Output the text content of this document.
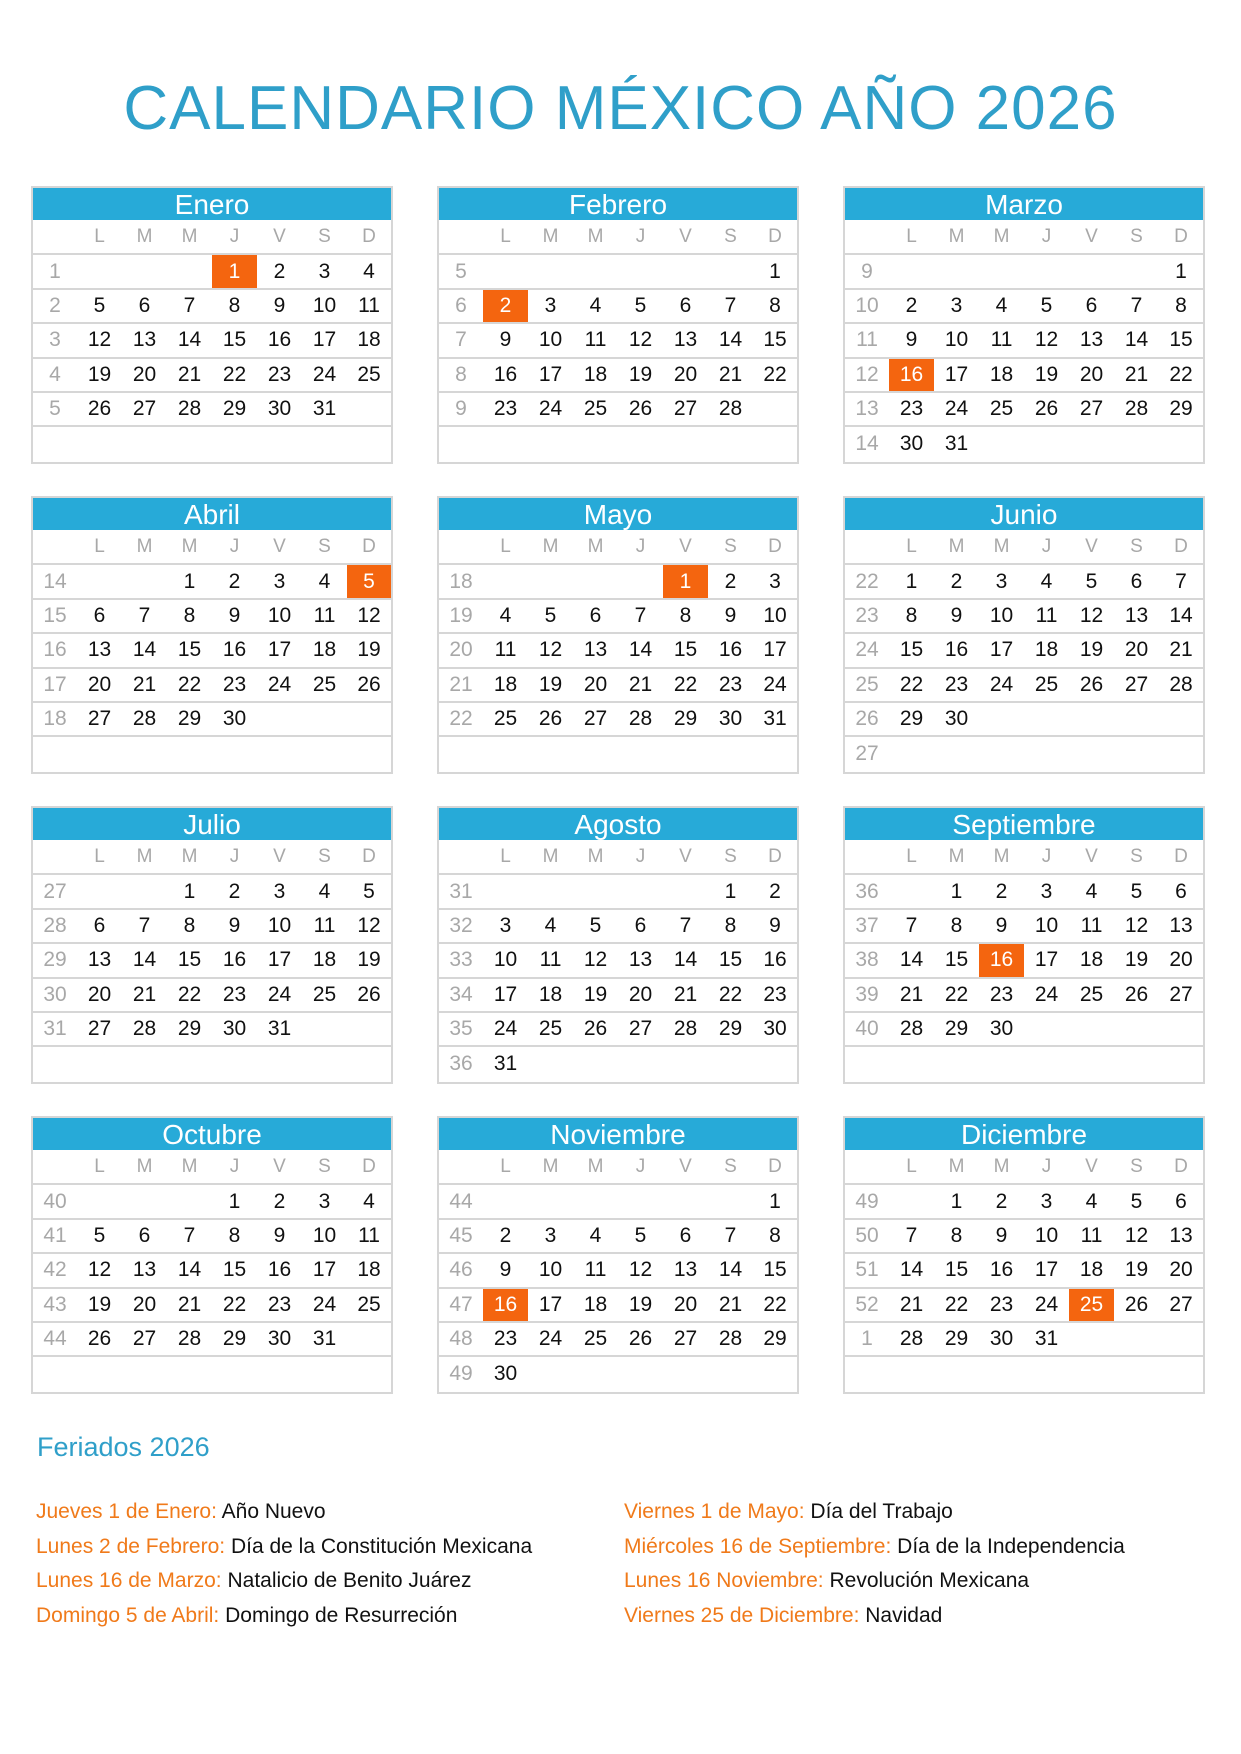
CALENDARIO MÉXICO AÑO 2026
Enero
	L	M	M	J	V	S	D
1				1	2	3	4
2	5	6	7	8	9	10	11
3	12	13	14	15	16	17	18
4	19	20	21	22	23	24	25
5	26	27	28	29	30	31	

Febrero
	L	M	M	J	V	S	D
5							1
6	2	3	4	5	6	7	8
7	9	10	11	12	13	14	15
8	16	17	18	19	20	21	22
9	23	24	25	26	27	28	

Marzo
	L	M	M	J	V	S	D
9							1
10	2	3	4	5	6	7	8
11	9	10	11	12	13	14	15
12	16	17	18	19	20	21	22
13	23	24	25	26	27	28	29
14	30	31					
Abril
	L	M	M	J	V	S	D
14			1	2	3	4	5
15	6	7	8	9	10	11	12
16	13	14	15	16	17	18	19
17	20	21	22	23	24	25	26
18	27	28	29	30			

Mayo
	L	M	M	J	V	S	D
18					1	2	3
19	4	5	6	7	8	9	10
20	11	12	13	14	15	16	17
21	18	19	20	21	22	23	24
22	25	26	27	28	29	30	31

Junio
	L	M	M	J	V	S	D
22	1	2	3	4	5	6	7
23	8	9	10	11	12	13	14
24	15	16	17	18	19	20	21
25	22	23	24	25	26	27	28
26	29	30					
27							
Julio
	L	M	M	J	V	S	D
27			1	2	3	4	5
28	6	7	8	9	10	11	12
29	13	14	15	16	17	18	19
30	20	21	22	23	24	25	26
31	27	28	29	30	31		

Agosto
	L	M	M	J	V	S	D
31						1	2
32	3	4	5	6	7	8	9
33	10	11	12	13	14	15	16
34	17	18	19	20	21	22	23
35	24	25	26	27	28	29	30
36	31						
Septiembre
	L	M	M	J	V	S	D
36		1	2	3	4	5	6
37	7	8	9	10	11	12	13
38	14	15	16	17	18	19	20
39	21	22	23	24	25	26	27
40	28	29	30				

Octubre
	L	M	M	J	V	S	D
40				1	2	3	4
41	5	6	7	8	9	10	11
42	12	13	14	15	16	17	18
43	19	20	21	22	23	24	25
44	26	27	28	29	30	31	

Noviembre
	L	M	M	J	V	S	D
44							1
45	2	3	4	5	6	7	8
46	9	10	11	12	13	14	15
47	16	17	18	19	20	21	22
48	23	24	25	26	27	28	29
49	30						
Diciembre
	L	M	M	J	V	S	D
49		1	2	3	4	5	6
50	7	8	9	10	11	12	13
51	14	15	16	17	18	19	20
52	21	22	23	24	25	26	27
1	28	29	30	31			

Feriados 2026
Jueves 1 de Enero: Año Nuevo
Lunes 2 de Febrero: Día de la Constitución Mexicana
Lunes 16 de Marzo: Natalicio de Benito Juárez
Domingo 5 de Abril: Domingo de Resurreción
Viernes 1 de Mayo: Día del Trabajo
Miércoles 16 de Septiembre: Día de la Independencia
Lunes 16 Noviembre: Revolución Mexicana
Viernes 25 de Diciembre: Navidad
